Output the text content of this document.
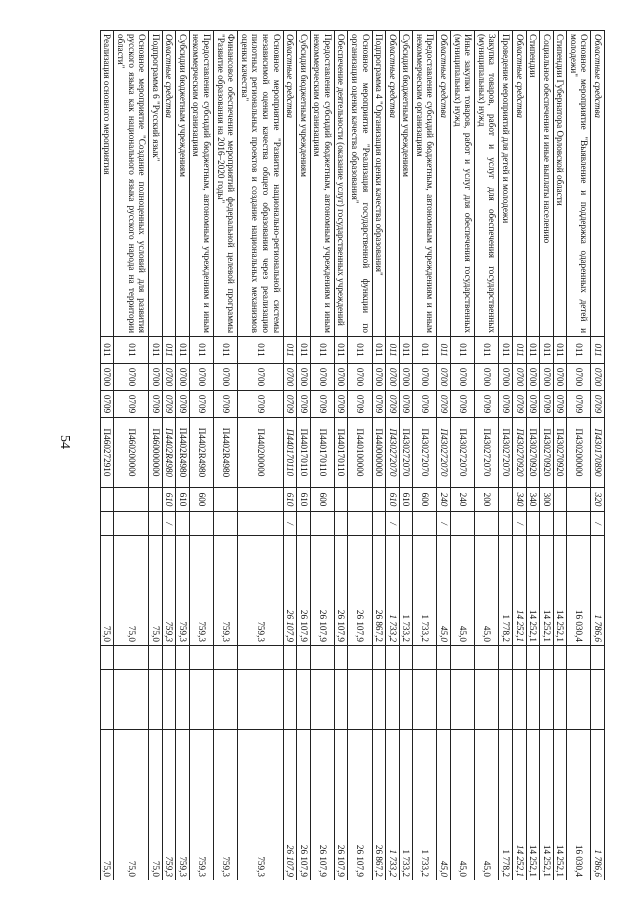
54
Областные средства	011	0700	0709	П430170890	320	/	1 786,6			1 786,6
Основное мероприятие "Выявление и поддержка одаренных детей и молодежи"	011	0700	0709	П430200000			16 030,4			16 030,4
Стипендии Губернатора Орловской области	011	0700	0709	П430270920			14 252,1			14 252,1
Социальное обеспечение и иные выплаты населению	011	0700	0709	П430270920	300		14 252,1			14 252,1
Стипендии	011	0700	0709	П430270920	340		14 252,1			14 252,1
Областные средства	011	0700	0709	П430270920	340	/	14 252,1			14 252,1
Проведение мероприятий для детей и молодежи	011	0700	0709	П430272070			1 778,2			1 778,2
Закупка товаров, работ и услуг для обеспечения государственных (муниципальных) нужд	011	0700	0709	П430272070	200		45,0			45,0
Иные закупки товаров, работ и услуг для обеспечения государственных (муниципальных) нужд	011	0700	0709	П430272070	240		45,0			45,0
Областные средства	011	0700	0709	П430272070	240	/	45,0			45,0
Предоставление субсидий бюджетным, автономным учреждениям и иным некоммерческим организациям	011	0700	0709	П430272070	600		1 733,2			1 733,2
Субсидии бюджетным учреждениям	011	0700	0709	П430272070	610		1 733,2			1 733,2
Областные средства	011	0700	0709	П430272070	610	/	1 733,2			1 733,2
Подпрограмма 4 "Организация оценки качества образования"	011	0700	0709	П440000000			26 867,2			26 867,2
Основное мероприятие "Реализация государственной функции по организации оценки качества образования"	011	0700	0709	П440100000			26 107,9			26 107,9
Обеспечение деятельности (оказание услуг) государственных учреждений	011	0700	0709	П440170110			26 107,9			26 107,9
Предоставление субсидий бюджетным, автономным учреждениям и иным некоммерческим организациям	011	0700	0709	П440170110	600		26 107,9			26 107,9
Субсидии бюджетным учреждениям	011	0700	0709	П440170110	610		26 107,9			26 107,9
Областные средства	011	0700	0709	П440170110	610	/	26 107,9			26 107,9
Основное мероприятие "Развитие национально-региональной системы независимой оценки качества общего образования через реализацию пилотных региональных проектов и создание национальных механизмов оценки качества"	011	0700	0709	П440200000			759,3			759,3
Финансовое обеспечение мероприятий федеральной целевой программы "Развитие образования на 2016–2020 годы"	011	0700	0709	П4402R4980			759,3			759,3
Предоставление субсидий бюджетным, автономным учреждениям и иным некоммерческим организациям	011	0700	0709	П4402R4980	600		759,3			759,3
Субсидии бюджетным учреждениям	011	0700	0709	П4402R4980	610		759,3			759,3
Областные средства	011	0700	0709	П4402R4980	610	/	759,3			759,3
Подпрограмма 6 "Русский язык"	011	0700	0709	П460000000			75,0			75,0
Основное мероприятие "Создание полноценных условий для развития русского языка как национального языка русского народа на территории области"	011	0700	0709	П460200000			75,0			75,0
Реализация основного мероприятия	011	0700	0709	П460272910			75,0			75,0
